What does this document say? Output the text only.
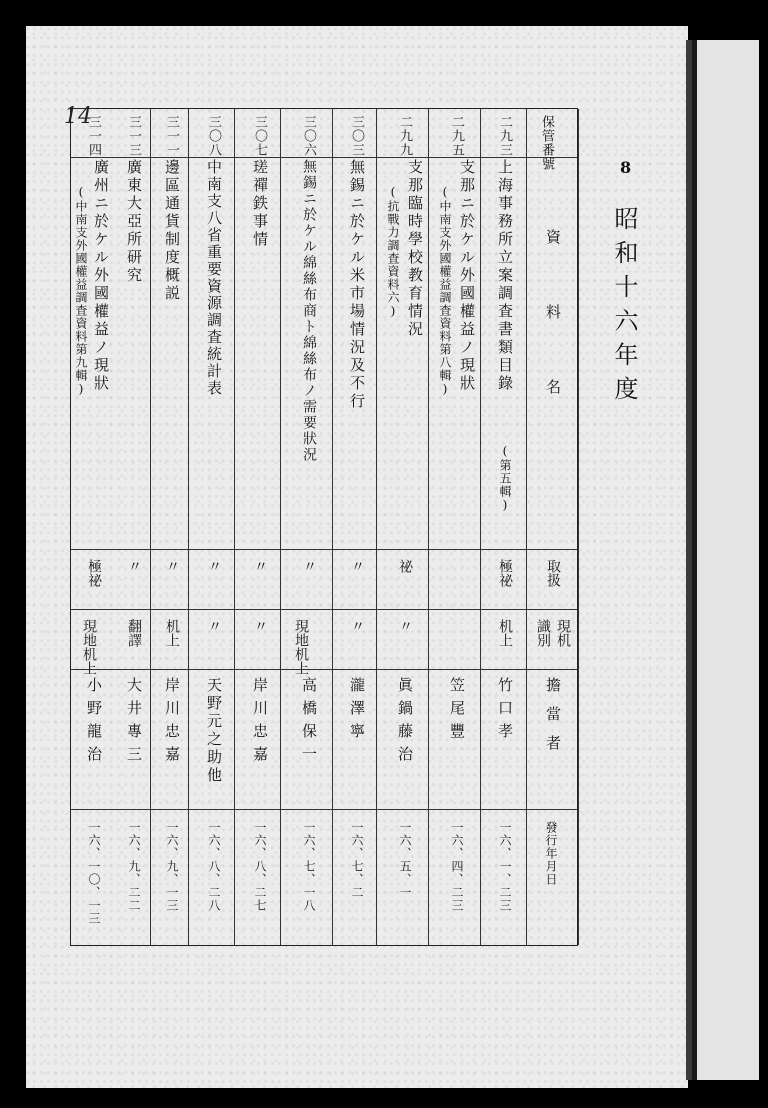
14
8
昭和十六年度
保管番號
資料名
取扱
現机
識別
擔當者
發行年月日
二九三
上海事務所立案調査書類目錄
(第五輯)
極祕
机上
竹口孝
一六、一、二三
二九五
支那ニ於ケル外國權益ノ現狀
(中南支外國權益調査資料第八輯)
笠尾豐
一六、四、二三
二九九
支那臨時學校教育情況
(抗戰力調査資料六)
祕
〃
眞鍋藤治
一六、五、一
三〇三
無錫ニ於ケル米市場情況及不行
〃
〃
瀧澤寧
一六、七、二
三〇六
無錫ニ於ケル綿絲布商ト綿絲布ノ需要狀況
〃
現地机上
高橋保一
一六、七、一八
三〇七
瑳禪鉄事情
〃
〃
岸川忠嘉
一六、八、二七
三〇八
中南支八省重要資源調査統計表
〃
〃
天野元之助他
一六、八、二八
三一一
邊區通貨制度概説
〃
机上
岸川忠嘉
一六、九、一三
三一三
廣東大亞所研究
〃
翻譯
大井專三
一六、九、二二
三一四
廣州ニ於ケル外國權益ノ現狀
(中南支外國權益調査資料第九輯)
極祕
現地机上
小野龍治
一六、一〇、一三
